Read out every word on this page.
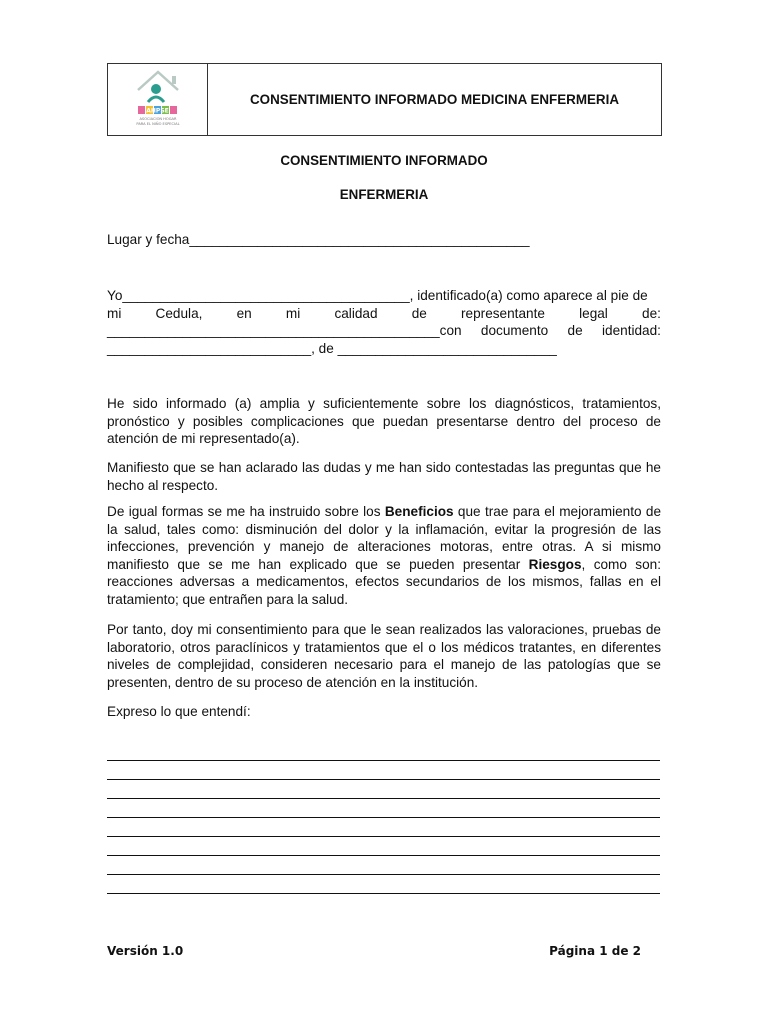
AHPSE
ASOCIACION HOGAR
PARA EL NIÑO ESPECIAL
CONSENTIMIENTO INFORMADO MEDICINA ENFERMERIA
CONSENTIMIENTO INFORMADO
ENFERMERIA
Lugar y fecha_____________________________________________
Yo______________________________________, identificado(a) como aparece al pie de
mi	Cedula,	en	mi	calidad	de	representante	legal	de:
____________________________________________ con documento de identidad:
___________________________, de _____________________________
He sido informado (a) amplia y suficientemente sobre los diagnósticos, tratamientos, pronóstico y posibles complicaciones que puedan presentarse dentro del proceso de atención de mi representado(a).
Manifiesto que se han aclarado las dudas y me han sido contestadas las preguntas que he hecho al respecto.
De igual formas se me ha instruido sobre los Beneficios que trae para el mejoramiento de la salud, tales como: disminución del dolor y la inflamación, evitar la progresión de las infecciones, prevención y manejo de alteraciones motoras, entre otras. A si mismo manifiesto que se me han explicado que se pueden presentar Riesgos, como son: reacciones adversas a medicamentos, efectos secundarios de los mismos, fallas en el tratamiento; que entrañen para la salud.
Por tanto, doy mi consentimiento para que le sean realizados las valoraciones, pruebas de laboratorio, otros paraclínicos y tratamientos que el o los médicos tratantes, en diferentes niveles de complejidad, consideren necesario para el manejo de las patologías que se presenten, dentro de su proceso de atención en la institución.
Expreso lo que entendí:
Versión 1.0	Página 1 de 2
